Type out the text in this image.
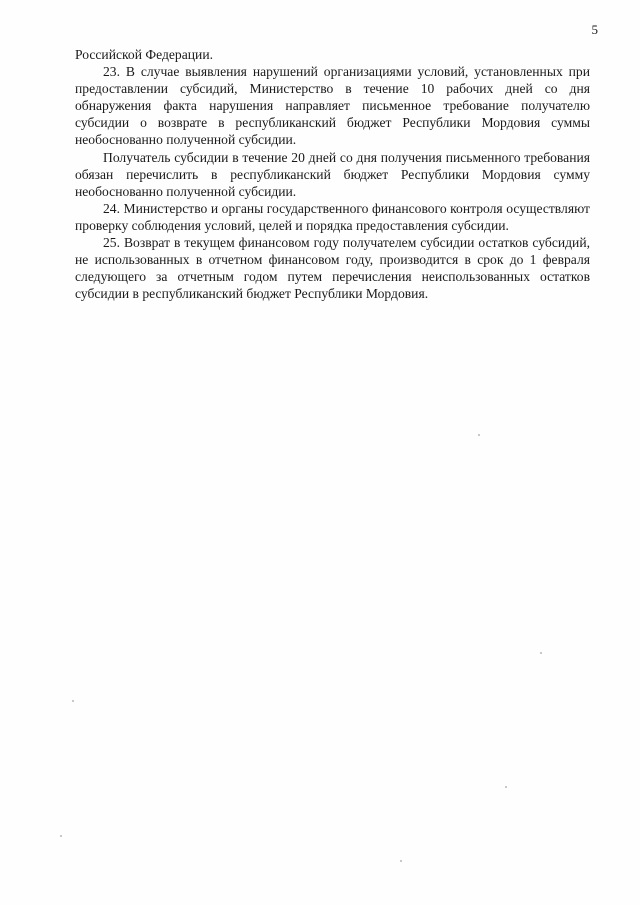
5

Российской Федерации.

23. В случае выявления нарушений организациями условий, установленных при предоставлении субсидий, Министерство в течение 10 рабочих дней со дня обнаружения факта нарушения направляет письменное требование получателю субсидии о возврате в республиканский бюджет Республики Мордовия суммы необоснованно полученной субсидии.

Получатель субсидии в течение 20 дней со дня получения письменного требования обязан перечислить в республиканский бюджет Республики Мордовия сумму необоснованно полученной субсидии.

24. Министерство и органы государственного финансового контроля осуществляют проверку соблюдения условий, целей и порядка предоставления субсидии.

25. Возврат в текущем финансовом году получателем субсидии остатков субсидий, не использованных в отчетном финансовом году, производится в срок до 1 февраля следующего за отчетным годом путем перечисления неиспользованных остатков субсидии в республиканский бюджет Республики Мордовия.
